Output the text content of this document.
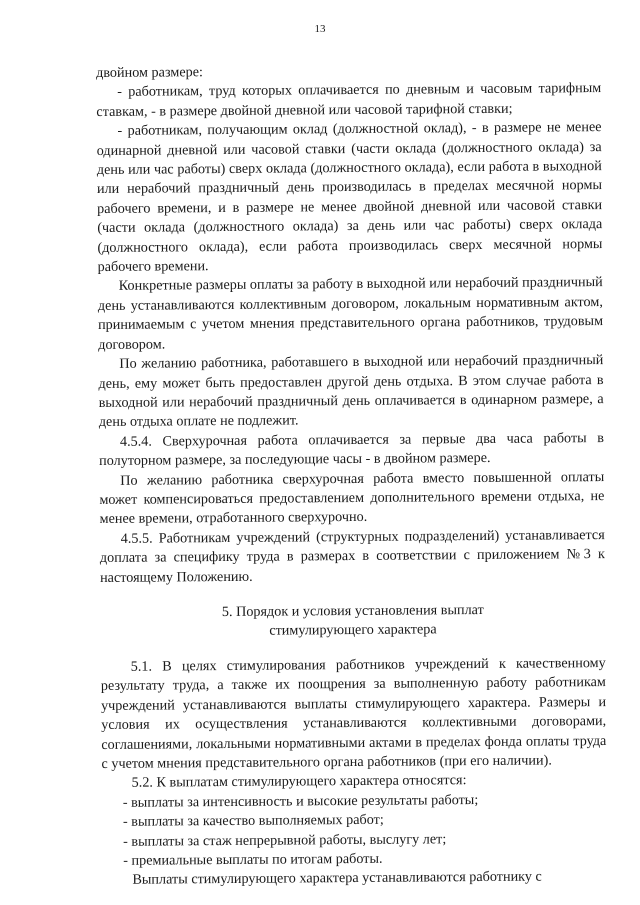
13

двойном размере:

- работникам, труд которых оплачивается по дневным и часовым тарифным ставкам, - в размере двойной дневной или часовой тарифной ставки;

- работникам, получающим оклад (должностной оклад), - в размере не менее одинарной дневной или часовой ставки (части оклада (должностного оклада) за день или час работы) сверх оклада (должностного оклада), если работа в выходной или нерабочий праздничный день производилась в пределах месячной нормы рабочего времени, и в размере не менее двойной дневной или часовой ставки (части оклада (должностного оклада) за день или час работы) сверх оклада (должностного оклада), если работа производилась сверх месячной нормы рабочего времени.

Конкретные размеры оплаты за работу в выходной или нерабочий праздничный день устанавливаются коллективным договором, локальным нормативным актом, принимаемым с учетом мнения представительного органа работников, трудовым договором.

По желанию работника, работавшего в выходной или нерабочий праздничный день, ему может быть предоставлен другой день отдыха. В этом случае работа в выходной или нерабочий праздничный день оплачивается в одинарном размере, а день отдыха оплате не подлежит.

4.5.4. Сверхурочная работа оплачивается за первые два часа работы в полуторном размере, за последующие часы - в двойном размере.

По желанию работника сверхурочная работа вместо повышенной оплаты может компенсироваться предоставлением дополнительного времени отдыха, не менее времени, отработанного сверхурочно.

4.5.5. Работникам учреждений (структурных подразделений) устанавливается доплата за специфику труда в размерах в соответствии с приложением №3 к настоящему Положению.

5. Порядок и условия установления выплат
стимулирующего характера

5.1. В целях стимулирования работников учреждений к качественному результату труда, а также их поощрения за выполненную работу работникам учреждений устанавливаются выплаты стимулирующего характера. Размеры и условия их осуществления устанавливаются коллективными договорами, соглашениями, локальными нормативными актами в пределах фонда оплаты труда с учетом мнения представительного органа работников (при его наличии).

5.2. К выплатам стимулирующего характера относятся:

- выплаты за интенсивность и высокие результаты работы;

- выплаты за качество выполняемых работ;

- выплаты за стаж непрерывной работы, выслугу лет;

- премиальные выплаты по итогам работы.

Выплаты стимулирующего характера устанавливаются работнику с
